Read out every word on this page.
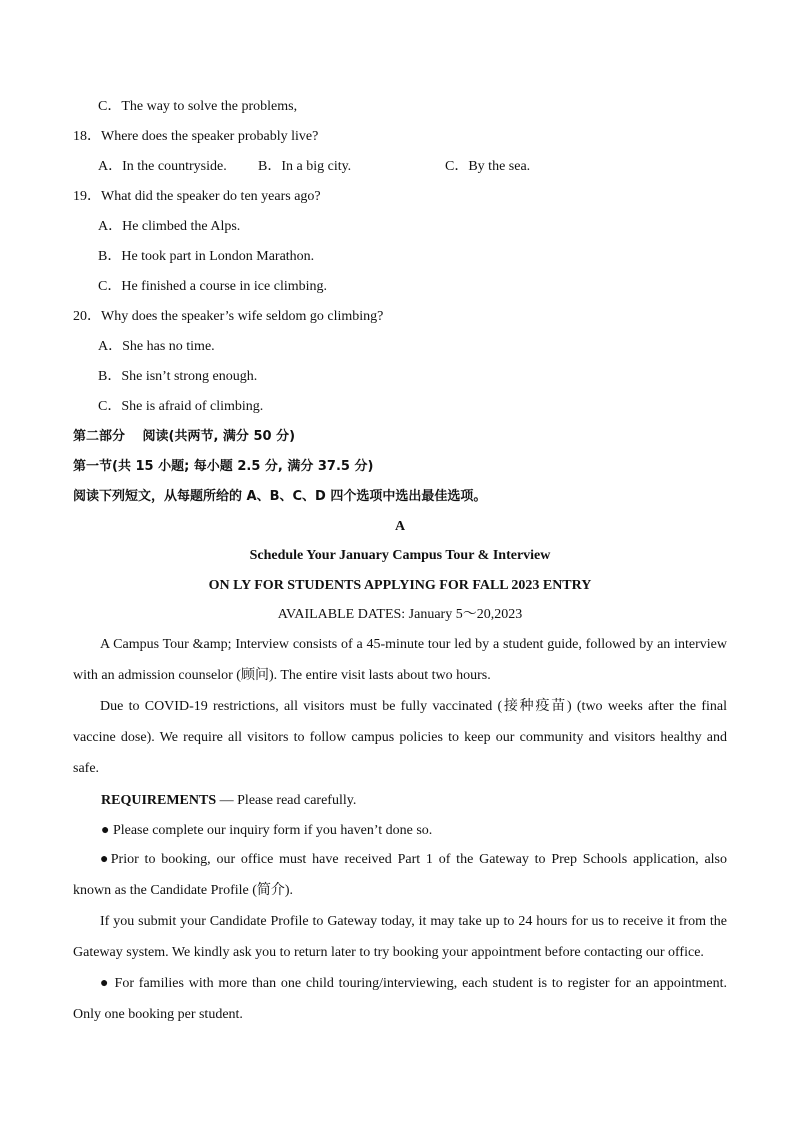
C．The way to solve the problems,
18．Where does the speaker probably live?
A．In the countryside. B．In a big city.	C．By the sea.
19．What did the speaker do ten years ago?
A．He climbed the Alps.
B．He took part in London Marathon.
C．He finished a course in ice climbing.
20．Why does the speaker’s wife seldom go climbing?
A．She has no time.
B．She isn’t strong enough.
C．She is afraid of climbing.
第二部分　 阅读(共两节, 满分 50 分)
第一节(共 15 小题; 每小题 2.5 分, 满分 37.5 分)
阅读下列短文，从每题所给的 A、B、C、D 四个选项中选出最佳选项。
A
Schedule Your January Campus Tour & Interview
ON LY FOR STUDENTS APPLYING FOR FALL 2023 ENTRY
AVAILABLE DATES: January 5～20,2023
A Campus Tour &amp; Interview consists of a 45-minute tour led by a student guide, followed by an interview with an admission counselor (顾问). The entire visit lasts about two hours.
Due to COVID-19 restrictions, all visitors must be fully vaccinated (接种疫苗) (two weeks after the final vaccine dose). We require all visitors to follow campus policies to keep our community and visitors healthy and safe.
REQUIREMENTS — Please read carefully.
● Please complete our inquiry form if you haven’t done so.
●Prior to booking, our office must have received Part 1 of the Gateway to Prep Schools application, also known as the Candidate Profile (简介).
If you submit your Candidate Profile to Gateway today, it may take up to 24 hours for us to receive it from the Gateway system. We kindly ask you to return later to try booking your appointment before contacting our office.
● For families with more than one child touring/interviewing, each student is to register for an appointment. Only one booking per student.
